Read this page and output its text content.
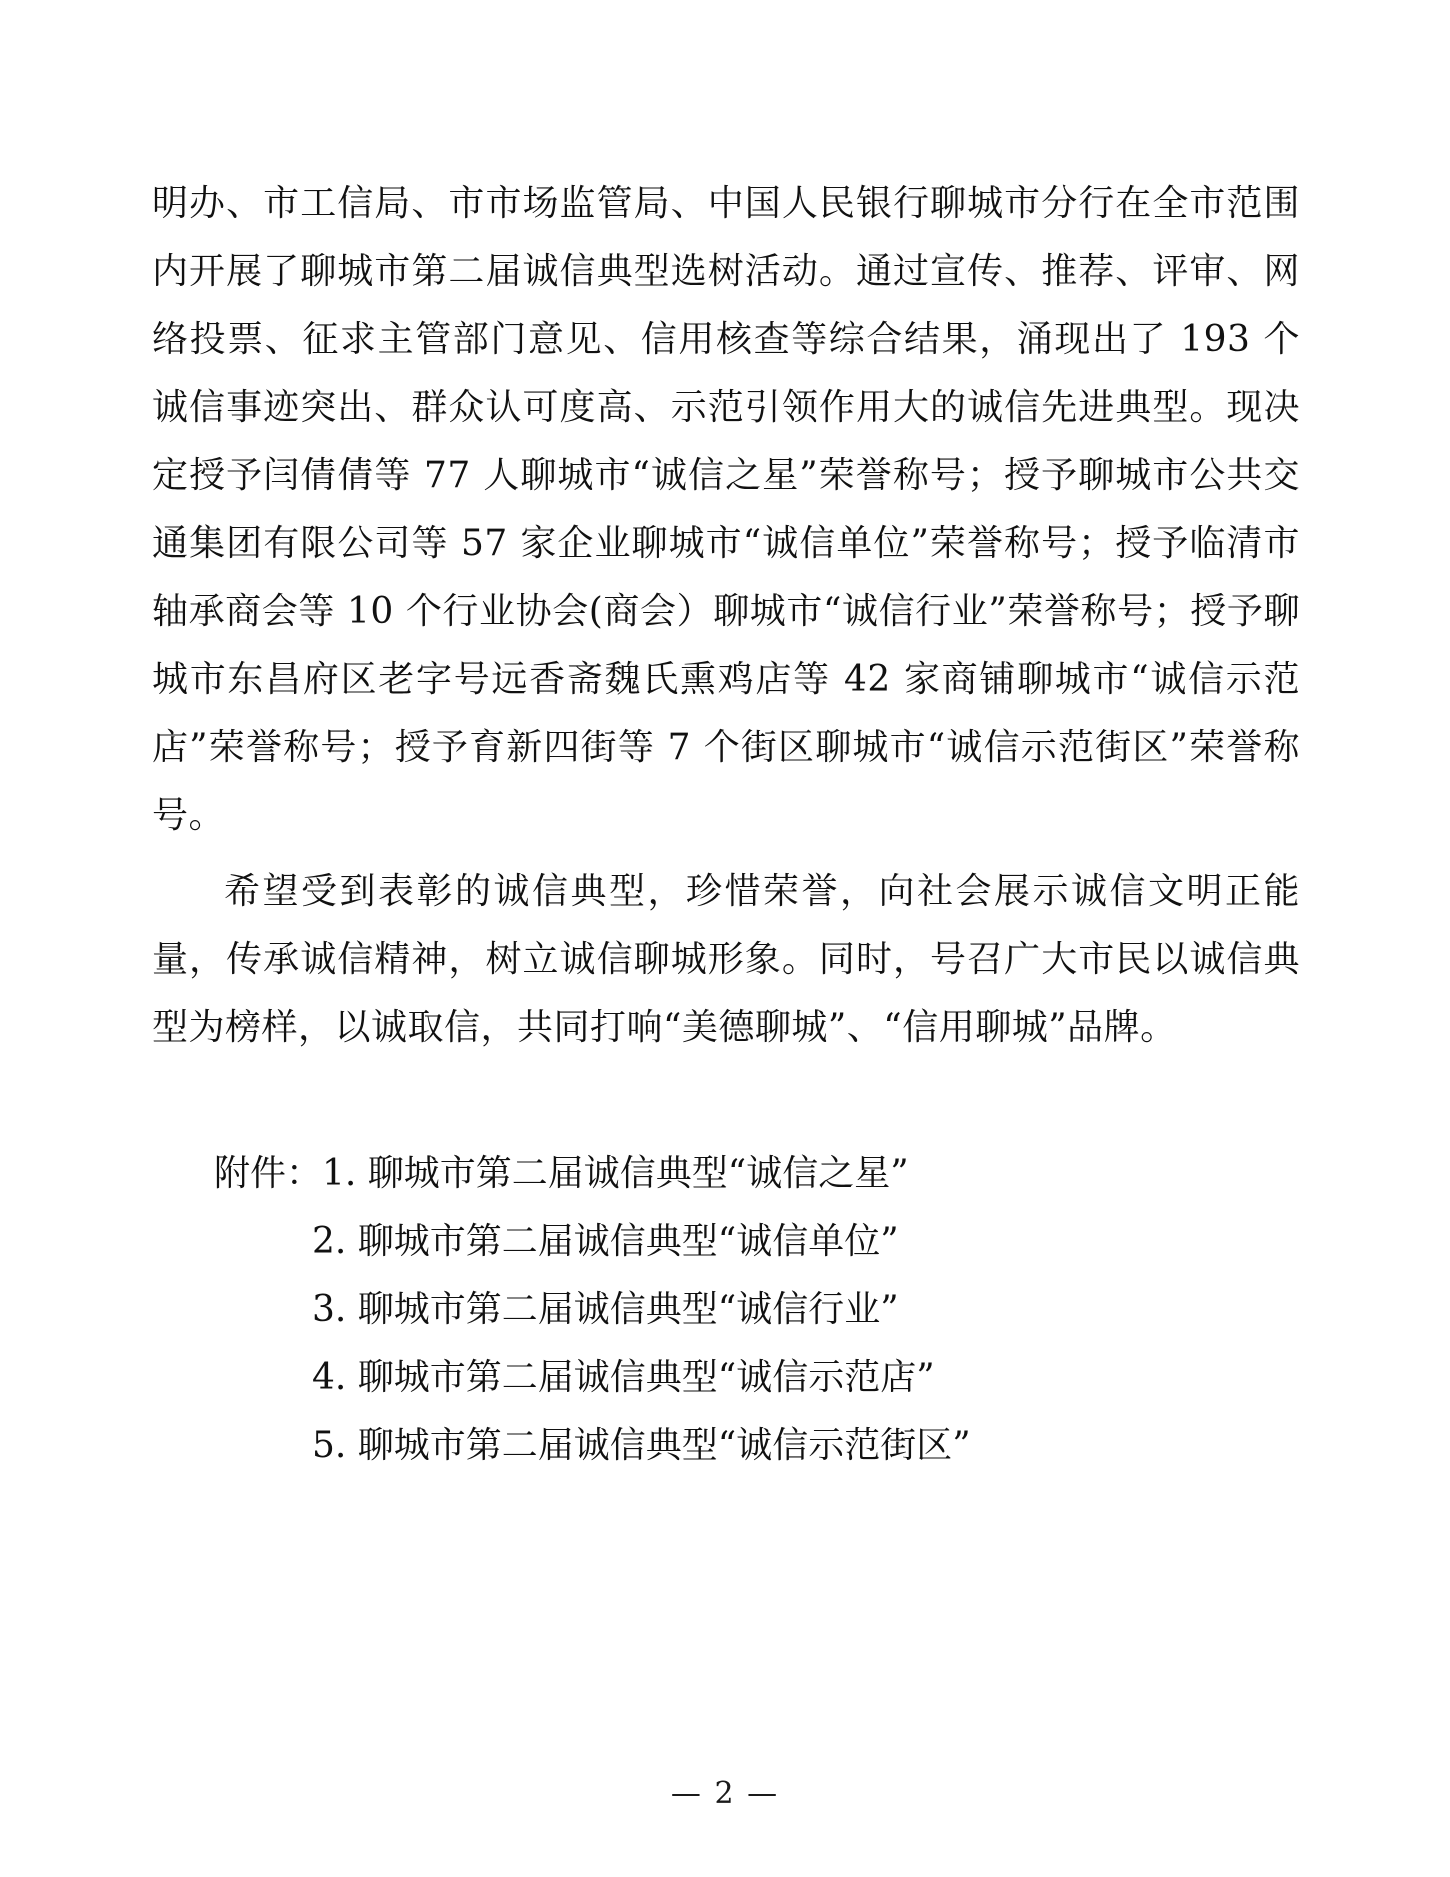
明办、市工信局、市市场监管局、中国人民银行聊城市分行在全市范围内开展了聊城市第二届诚信典型选树活动。通过宣传、推荐、评审、网络投票、征求主管部门意见、信用核查等综合结果，涌现出了 193 个诚信事迹突出、群众认可度高、示范引领作用大的诚信先进典型。现决定授予闫倩倩等 77 人聊城市“诚信之星”荣誉称号；授予聊城市公共交通集团有限公司等 57 家企业聊城市“诚信单位”荣誉称号；授予临清市轴承商会等 10 个行业协会(商会）聊城市“诚信行业”荣誉称号；授予聊城市东昌府区老字号远香斋魏氏熏鸡店等 42 家商铺聊城市“诚信示范店”荣誉称号；授予育新四街等 7 个街区聊城市“诚信示范街区”荣誉称号。

希望受到表彰的诚信典型，珍惜荣誉，向社会展示诚信文明正能量，传承诚信精神，树立诚信聊城形象。同时，号召广大市民以诚信典型为榜样，以诚取信，共同打响“美德聊城”、“信用聊城”品牌。

附件：1. 聊城市第二届诚信典型“诚信之星”
2. 聊城市第二届诚信典型“诚信单位”
3. 聊城市第二届诚信典型“诚信行业”
4. 聊城市第二届诚信典型“诚信示范店”
5. 聊城市第二届诚信典型“诚信示范街区”
— 2 —
